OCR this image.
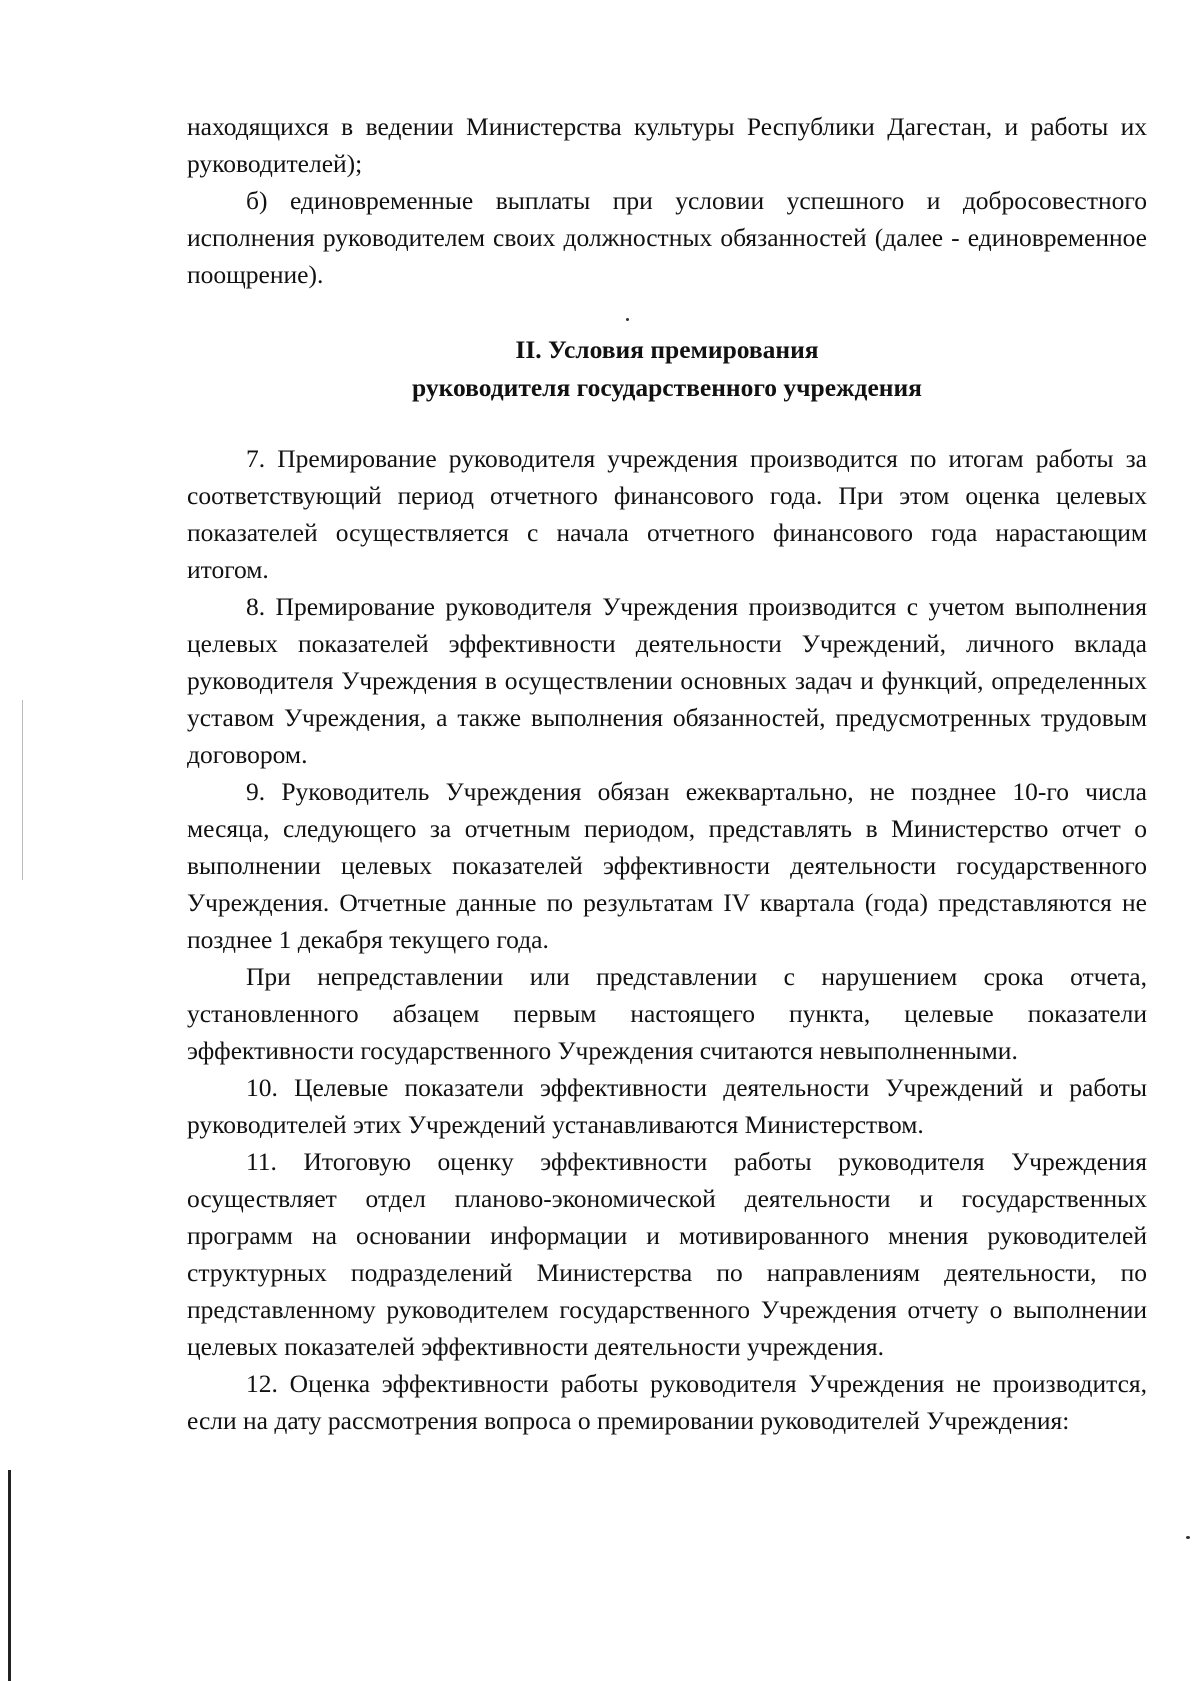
находящихся в ведении Министерства культуры Республики Дагестан, и работы их руководителей);

б) единовременные выплаты при условии успешного и добросовестного исполнения руководителем своих должностных обязанностей (далее - единовременное поощрение).

II. Условия премирования
руководителя государственного учреждения

7. Премирование руководителя учреждения производится по итогам работы за соответствующий период отчетного финансового года. При этом оценка целевых показателей осуществляется с начала отчетного финансового года нарастающим итогом.

8. Премирование руководителя Учреждения производится с учетом выполнения целевых показателей эффективности деятельности Учреждений, личного вклада руководителя Учреждения в осуществлении основных задач и функций, определенных уставом Учреждения, а также выполнения обязанностей, предусмотренных трудовым договором.

9. Руководитель Учреждения обязан ежеквартально, не позднее 10-го числа месяца, следующего за отчетным периодом, представлять в Министерство отчет о выполнении целевых показателей эффективности деятельности государственного Учреждения. Отчетные данные по результатам IV квартала (года) представляются не позднее 1 декабря текущего года.

При непредставлении или представлении с нарушением срока отчета, установленного абзацем первым настоящего пункта, целевые показатели эффективности государственного Учреждения считаются невыполненными.

10. Целевые показатели эффективности деятельности Учреждений и работы руководителей этих Учреждений устанавливаются Министерством.

11. Итоговую оценку эффективности работы руководителя Учреждения осуществляет отдел планово-экономической деятельности и государственных программ на основании информации и мотивированного мнения руководителей структурных подразделений Министерства по направлениям деятельности, по представленному руководителем государственного Учреждения отчету о выполнении целевых показателей эффективности деятельности учреждения.

12. Оценка эффективности работы руководителя Учреждения не производится, если на дату рассмотрения вопроса о премировании руководителей Учреждения:
